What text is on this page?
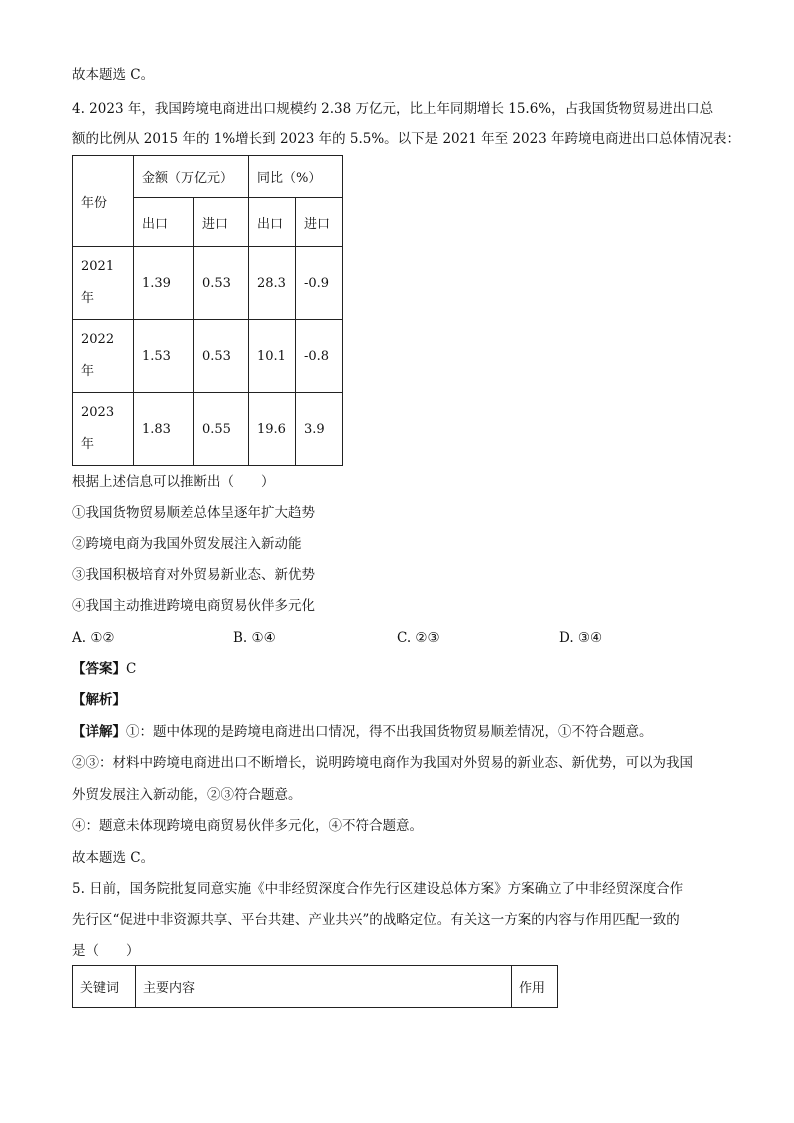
故本题选 C。
4. 2023 年，我国跨境电商进出口规模约 2.38 万亿元，比上年同期增长 15.6%，占我国货物贸易进出口总
额的比例从 2015 年的 1%增长到 2023 年的 5.5%。以下是 2021 年至 2023 年跨境电商进出口总体情况表：
年份	金额（万亿元）		同比（%）	
	出口	进口	出口	进口

2021
年	1.39	0.53	28.3	-0.9

2022
年	1.53	0.53	10.1	-0.8

2023
年	1.83	0.55	19.6	3.9
根据上述信息可以推断出（　　）
①我国货物贸易顺差总体呈逐年扩大趋势
②跨境电商为我国外贸发展注入新动能
③我国积极培育对外贸易新业态、新优势
④我国主动推进跨境电商贸易伙伴多元化
A. ①②	B. ①④	C. ②③	D. ③④
【答案】C
【解析】
【详解】①：题中体现的是跨境电商进出口情况，得不出我国货物贸易顺差情况，①不符合题意。
②③：材料中跨境电商进出口不断增长，说明跨境电商作为我国对外贸易的新业态、新优势，可以为我国
外贸发展注入新动能，②③符合题意。
④：题意未体现跨境电商贸易伙伴多元化，④不符合题意。
故本题选 C。
5. 日前，国务院批复同意实施《中非经贸深度合作先行区建设总体方案》方案确立了中非经贸深度合作
先行区“促进中非资源共享、平台共建、产业共兴”的战略定位。有关这一方案的内容与作用匹配一致的
是（　　）
关键词	主要内容	作用
